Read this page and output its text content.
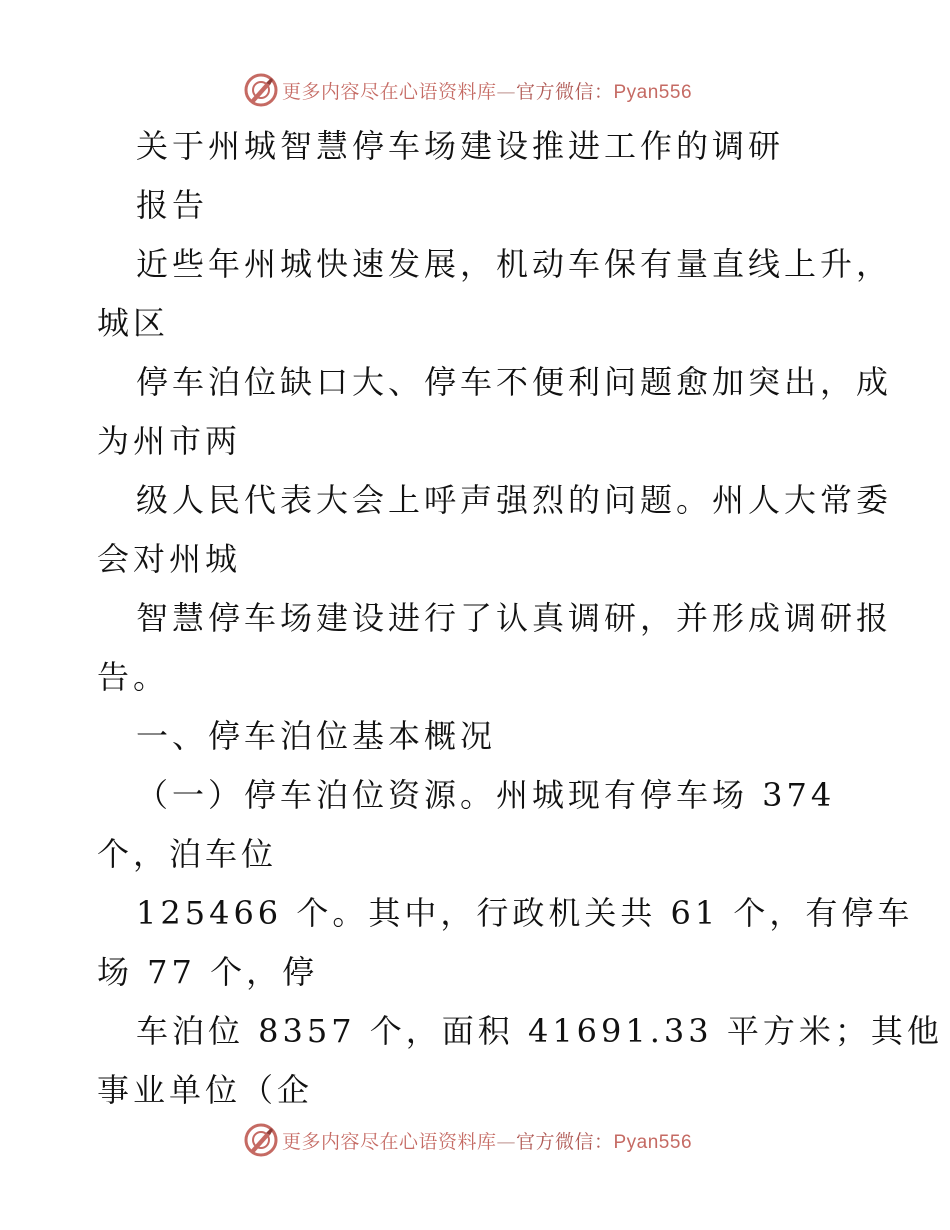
更多内容尽在心语资料库—官方微信：Pyan556
关于州城智慧停车场建设推进工作的调研
报告
近些年州城快速发展，机动车保有量直线上升，
城区
停车泊位缺口大、停车不便利问题愈加突出，成
为州市两
级人民代表大会上呼声强烈的问题。州人大常委
会对州城
智慧停车场建设进行了认真调研，并形成调研报
告。
一、停车泊位基本概况
（一）停车泊位资源。州城现有停车场 374
个，泊车位
125466 个。其中，行政机关共 61 个，有停车
场 77 个，停
车泊位 8357 个，面积 41691.33 平方米；其他
事业单位（企
更多内容尽在心语资料库—官方微信：Pyan556
